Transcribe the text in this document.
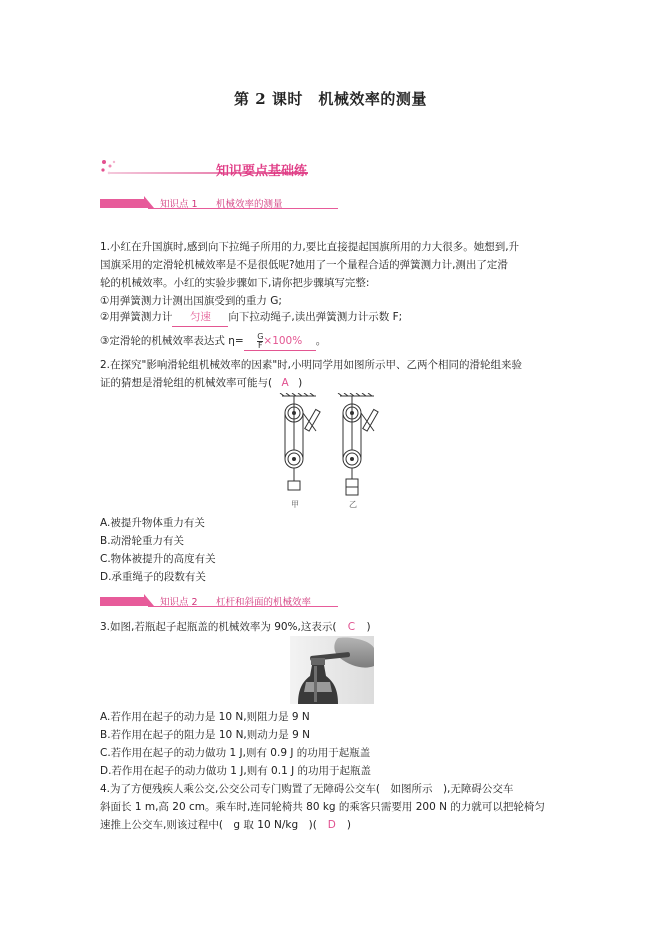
第 2 课时　机械效率的测量
知识要点基础练
知识点 1 机械效率的测量
1.小红在升国旗时,感到向下拉绳子所用的力,要比直接提起国旗所用的力大很多。她想到,升
国旗采用的定滑轮机械效率是不是很低呢?她用了一个量程合适的弹簧测力计,测出了定滑
轮的机械效率。小红的实验步骤如下,请你把步骤填写完整:
①用弹簧测力计测出国旗受到的重力 G;
②用弹簧测力计 匀速 向下拉动绳子,读出弹簧测力计示数 F;
③定滑轮的机械效率表达式 $\eta= \frac{G}{F} \times 100\%$ 。
2.在探究"影响滑轮组机械效率的因素"时,小明同学用如图所示甲、乙两个相同的滑轮组来验
证的猜想是滑轮组的机械效率可能与( A )
甲	乙
A.被提升物体重力有关
B.动滑轮重力有关
C.物体被提升的高度有关
D.承重绳子的段数有关
知识点 2 杠杆和斜面的机械效率
3.如图,若瓶起子起瓶盖的机械效率为 90%,这表示( C )
A.若作用在起子的动力是 10 N,则阻力是 9 N
B.若作用在起子的阻力是 10 N,则动力是 9 N
C.若作用在起子的动力做功 1 J,则有 0.9 J 的功用于起瓶盖
D.若作用在起子的动力做功 1 J,则有 0.1 J 的功用于起瓶盖
4.为了方便残疾人乘公交,公交公司专门购置了无障碍公交车(　如图所示　),无障碍公交车
斜面长 1 m,高 20 cm。乘车时,连同轮椅共 80 kg 的乘客只需要用 200 N 的力就可以把轮椅匀
速推上公交车,则该过程中(　g 取 10 N/kg　)( D )
